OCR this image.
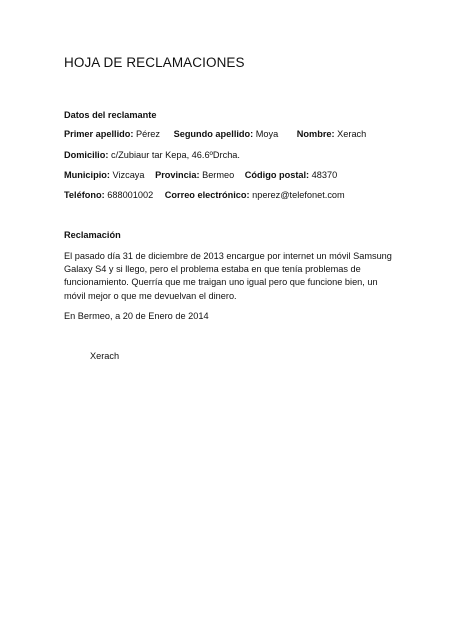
HOJA DE RECLAMACIONES
Datos del reclamante
Primer apellido: Pérez Segundo apellido: Moya Nombre: Xerach
Domicilio: c/Zubiaur tar Kepa, 46.6ºDrcha.
Municipio: Vizcaya Provincia: Bermeo Código postal: 48370
Teléfono: 688001002 Correo electrónico: nperez@telefonet.com
Reclamación
El pasado día 31 de diciembre de 2013 encargue por internet un móvil Samsung Galaxy S4 y si llego, pero el problema estaba en que tenía problemas de funcionamiento. Querría que me traigan uno igual pero que funcione bien, un móvil mejor o que me devuelvan el dinero.
En Bermeo, a 20 de Enero de 2014
Xerach
